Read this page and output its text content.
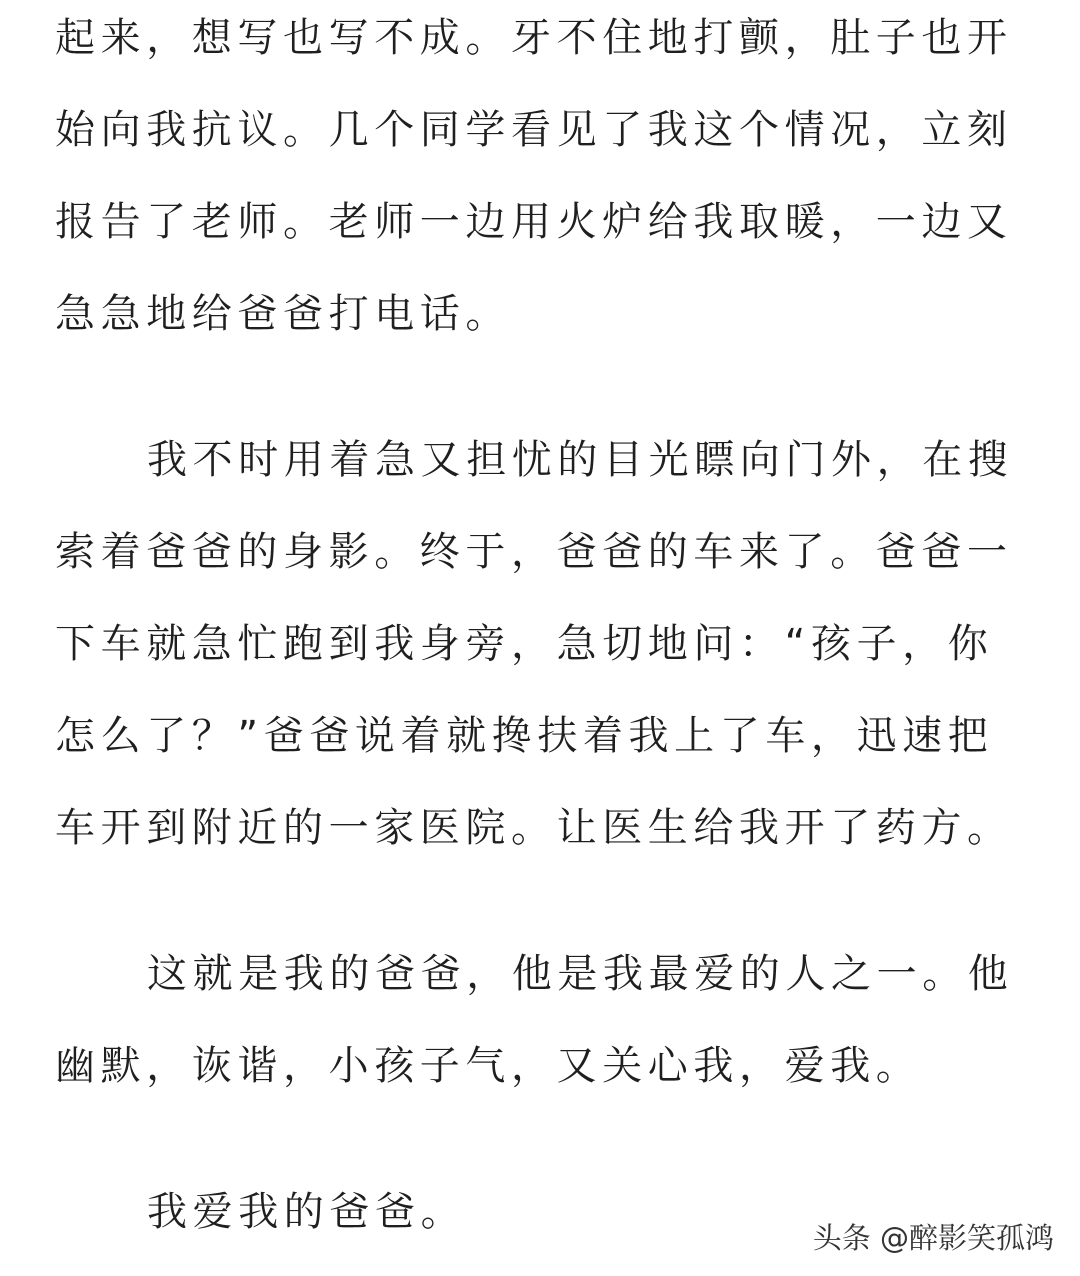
起来，想写也写不成。牙不住地打颤，肚子也开
始向我抗议。几个同学看见了我这个情况，立刻
报告了老师。老师一边用火炉给我取暖，一边又
急急地给爸爸打电话。
我不时用着急又担忧的目光瞟向门外，在搜
索着爸爸的身影。终于，爸爸的车来了。爸爸一
下车就急忙跑到我身旁，急切地问：“孩子，你
怎么了？”爸爸说着就搀扶着我上了车，迅速把
车开到附近的一家医院。让医生给我开了药方。
这就是我的爸爸，他是我最爱的人之一。他
幽默，诙谐，小孩子气，又关心我，爱我。
我爱我的爸爸。
头条 @醉影笑孤鸿
